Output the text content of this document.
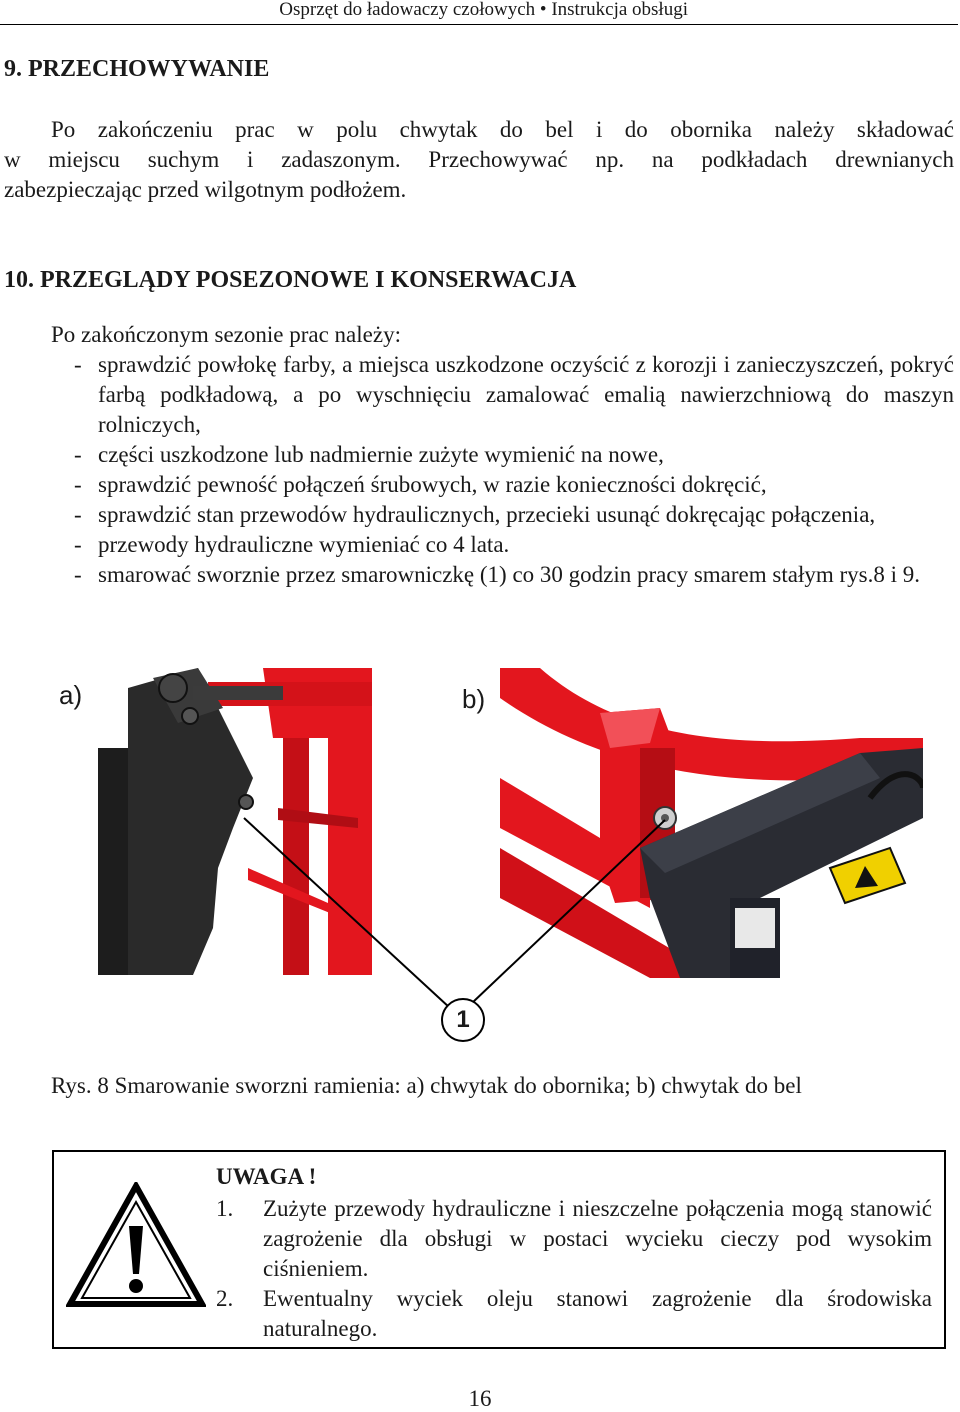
Osprzęt do ładowaczy czołowych • Instrukcja obsługi
9. PRZECHOWYWANIE
Po zakończeniu prac w polu chwytak do bel i do obornika należy składować
w miejscu suchym i zadaszonym. Przechowywać np. na podkładach drewnianych
zabezpieczając przed wilgotnym podłożem.
10. PRZEGLĄDY POSEZONOWE I KONSERWACJA
Po zakończonym sezonie prac należy:
- sprawdzić powłokę farby, a miejsca uszkodzone oczyścić z korozji i zanieczyszczeń, pokryć farbą podkładową, a po wyschnięciu zamalować emalią nawierzchniową do maszyn rolniczych,
- części uszkodzone lub nadmiernie zużyte wymienić na nowe,
- sprawdzić pewność połączeń śrubowych, w razie konieczności dokręcić,
- sprawdzić stan przewodów hydraulicznych, przecieki usunąć dokręcając połączenia,
- przewody hydrauliczne wymieniać co 4 lata.
- smarować sworznie przez smarowniczkę (1) co 30 godzin pracy smarem stałym rys.8 i 9.
a)	b)
1
Rys. 8 Smarowanie sworzni ramienia: a) chwytak do obornika; b) chwytak do bel
UWAGA !
1. Zużyte przewody hydrauliczne i nieszczelne połączenia mogą stanowić zagrożenie dla obsługi w postaci wycieku cieczy pod wysokim ciśnieniem.
2. Ewentualny wyciek oleju stanowi zagrożenie dla środowiska naturalnego.
16
